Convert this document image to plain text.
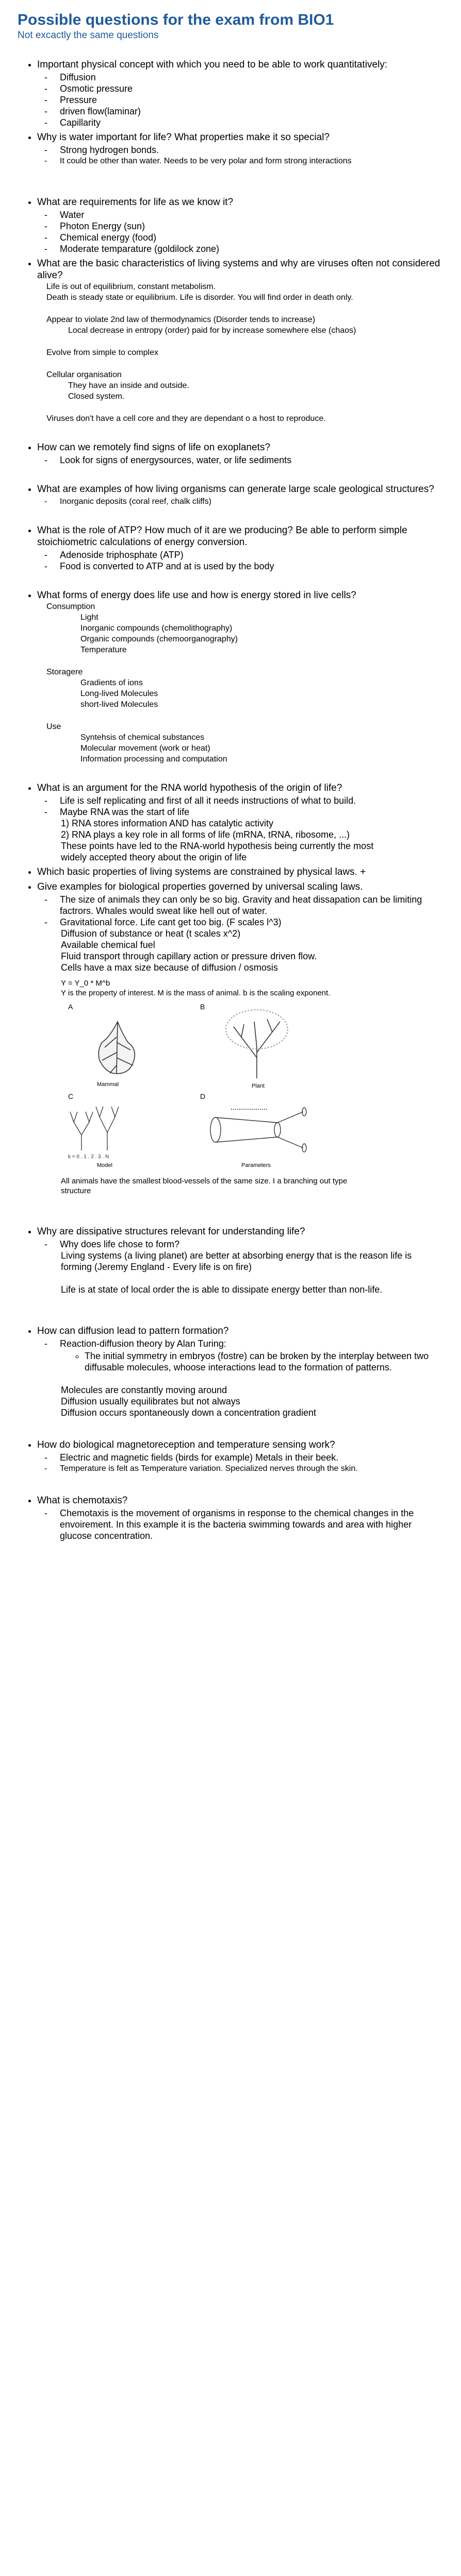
Possible questions for the exam from BIO1
Not excactly the same questions
• Important physical concept with which you need to be able to work quantitatively:
- Diffusion
- Osmotic pressure
- Pressure
- driven flow(laminar)
- Capillarity
• Why is water important for life? What properties make it so special?
- Strong hydrogen bonds.
- It could be other than water. Needs to be very polar and form strong interactions
• What are requirements for life as we know it?
- Water
- Photon Energy (sun)
- Chemical energy (food)
- Moderate temparature (goldilock zone)
• What are the basic characteristics of living systems and why are viruses often not considered alive?
Life is out of equilibrium, constant metabolism.
Death is steady state or equilibrium. Life is disorder. You will find order in death only.
Appear to violate 2nd law of thermodynamics (Disorder tends to increase)
Local decrease in entropy (order) paid for by increase somewhere else (chaos)
Evolve from simple to complex
Cellular organisation
They have an inside and outside.
Closed system.
Viruses don't have a cell core and they are dependant o a host to reproduce.
• How can we remotely find signs of life on exoplanets?
- Look for signs of energysources, water, or life sediments
• What are examples of how living organisms can generate large scale geological structures?
- Inorganic deposits (coral reef, chalk cliffs)
• What is the role of ATP? How much of it are we producing? Be able to perform simple stoichiometric calculations of energy conversion.
- Adenoside triphosphate (ATP)
- Food is converted to ATP and at is used by the body
• What forms of energy does life use and how is energy stored in live cells?
Consumption
Light
Inorganic compounds (chemolithography)
Organic compounds (chemoorganography)
Temperature
Storagere
Gradients of ions
Long-lived Molecules
short-lived Molecules
Use
Syntehsis of chemical substances
Molecular movement (work or heat)
Information processing and computation
• What is an argument for the RNA world hypothesis of the origin of life?
- Life is self replicating and first of all it needs instructions of what to build.
- Maybe RNA was the start of life
1) RNA stores information AND has catalytic activity
2) RNA plays a key role in all forms of life (mRNA, tRNA, ribosome, ...)
These points have led to the RNA-world hypothesis being currently the most
widely accepted theory about the origin of life
• Which basic properties of living systems are constrained by physical laws. +
• Give examples for biological properties governed by universal scaling laws.
- The size of animals they can only be so big. Gravity and heat dissapation can be limiting factrors. Whales would sweat like hell out of water.
- Gravitational force. Life cant get too big. (F scales l^3)
Diffusion of substance or heat (t scales x^2)
Available chemical fuel
Fluid transport through capillary action or pressure driven flow.
Cells have a max size because of diffusion / osmosis
Y = Y_0 * M^b
Y is the property of interest. M is the mass of animal. b is the scaling exponent.
A
Mammal
B
Plant
C
k = 0 . 1 . 2 . 3 . N
Model
D
Parameters
All animals have the smallest blood-vessels of the same size. I a branching out type structure
• Why are dissipative structures relevant for understanding life?
- Why does life chose to form?
Living systems (a living planet) are better at absorbing energy that is the reason life is forming (Jeremy England - Every life is on fire)
Life is at state of local order the is able to dissipate energy better than non-life.
• How can diffusion lead to pattern formation?
- Reaction-diffusion theory by Alan Turing:
◦ The initial symmetry in embryos (fostre) can be broken by the interplay between two diffusable molecules, whoose interactions lead to the formation of patterns.
Molecules are constantly moving around
Diffusion usually equilibrates but not always
Diffusion occurs spontaneously down a concentration gradient
• How do biological magnetoreception and temperature sensing work?
- Electric and magnetic fields (birds for example) Metals in their beek.
- Temperature is felt as Temperature variation. Specialized nerves through the skin.
• What is chemotaxis?
- Chemotaxis is the movement of organisms in response to the chemical changes in the envoirement. In this example it is the bacteria swimming towards and area with higher glucose concentration.
